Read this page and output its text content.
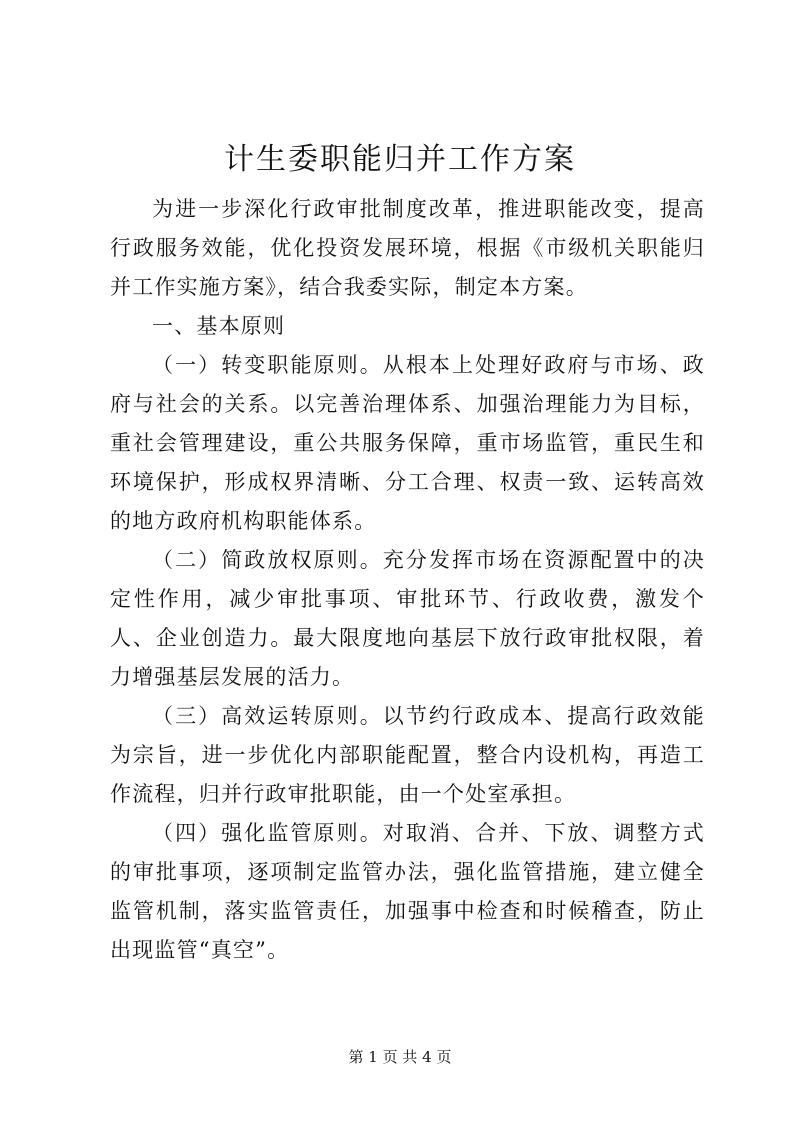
计生委职能归并工作方案

为进一步深化行政审批制度改革，推进职能改变，提高行政服务效能，优化投资发展环境，根据《市级机关职能归并工作实施方案》，结合我委实际，制定本方案。

一、基本原则

（一）转变职能原则。从根本上处理好政府与市场、政府与社会的关系。以完善治理体系、加强治理能力为目标，重社会管理建设，重公共服务保障，重市场监管，重民生和环境保护，形成权界清晰、分工合理、权责一致、运转高效的地方政府机构职能体系。

（二）简政放权原则。充分发挥市场在资源配置中的决定性作用，减少审批事项、审批环节、行政收费，激发个人、企业创造力。最大限度地向基层下放行政审批权限，着力增强基层发展的活力。

（三）高效运转原则。以节约行政成本、提高行政效能为宗旨，进一步优化内部职能配置，整合内设机构，再造工作流程，归并行政审批职能，由一个处室承担。

（四）强化监管原则。对取消、合并、下放、调整方式的审批事项，逐项制定监管办法，强化监管措施，建立健全监管机制，落实监管责任，加强事中检查和时候稽查，防止出现监管“真空”。

第 1 页 共 4 页
